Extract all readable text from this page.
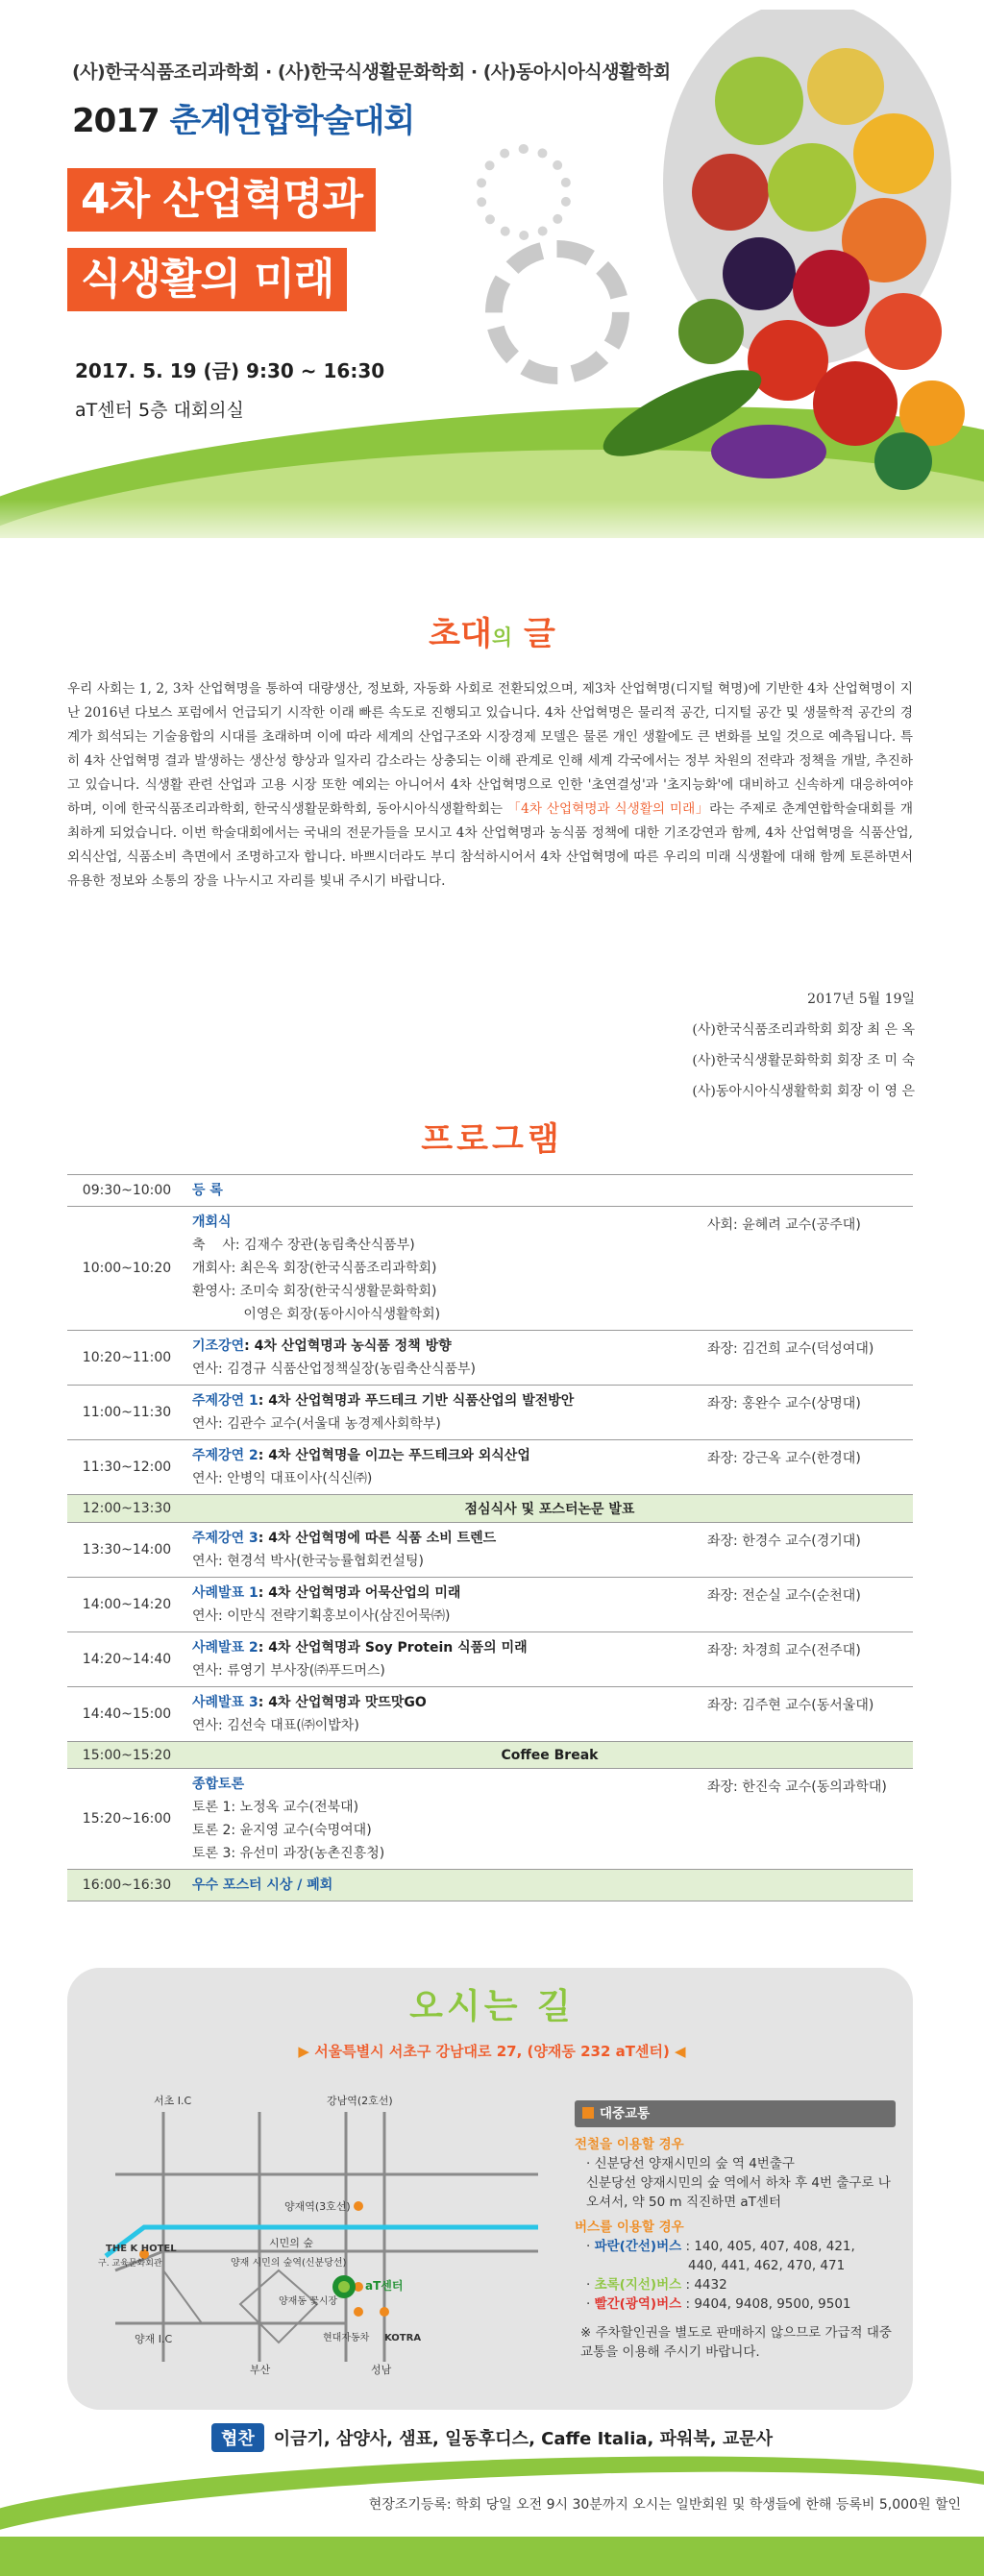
(사)한국식품조리과학회 · (사)한국식생활문화학회 · (사)동아시아식생활학회
2017 춘계연합학술대회
4차 산업혁명과
식생활의 미래
2017. 5. 19 (금) 9:30 ~ 16:30
aT센터 5층 대회의실
초대의 글
우리 사회는 1, 2, 3차 산업혁명을 통하여 대량생산, 정보화, 자동화 사회로 전환되었으며, 제3차 산업혁명(디지털 혁명)에 기반한 4차 산업혁명이 지난 2016년 다보스 포럼에서 언급되기 시작한 이래 빠른 속도로 진행되고 있습니다. 4차 산업혁명은 물리적 공간, 디지털 공간 및 생물학적 공간의 경계가 희석되는 기술융합의 시대를 초래하며 이에 따라 세계의 산업구조와 시장경제 모델은 물론 개인 생활에도 큰 변화를 보일 것으로 예측됩니다. 특히 4차 산업혁명 결과 발생하는 생산성 향상과 일자리 감소라는 상충되는 이해 관계로 인해 세계 각국에서는 정부 차원의 전략과 정책을 개발, 추진하고 있습니다. 식생활 관련 산업과 고용 시장 또한 예외는 아니어서 4차 산업혁명으로 인한 '초연결성'과 '초지능화'에 대비하고 신속하게 대응하여야 하며, 이에 한국식품조리과학회, 한국식생활문화학회, 동아시아식생활학회는 「4차 산업혁명과 식생활의 미래」라는 주제로 춘계연합학술대회를 개최하게 되었습니다. 이번 학술대회에서는 국내의 전문가들을 모시고 4차 산업혁명과 농식품 정책에 대한 기조강연과 함께, 4차 산업혁명을 식품산업, 외식산업, 식품소비 측면에서 조명하고자 합니다. 바쁘시더라도 부디 참석하시어서 4차 산업혁명에 따른 우리의 미래 식생활에 대해 함께 토론하면서 유용한 정보와 소통의 장을 나누시고 자리를 빛내 주시기 바랍니다.
2017년 5월 19일
(사)한국식품조리과학회 회장 최 은 옥
(사)한국식생활문화학회 회장 조 미 숙
(사)동아시아식생활학회 회장 이 영 은
프로그램
09:30~10:00	등 록	

10:00~10:20	개회식
축    사: 김재수 장관(농림축산식품부)
개회사: 최은옥 회장(한국식품조리과학회)
환영사: 조미숙 회장(한국식생활문화학회)
이영은 회장(동아시아식생활학회)	사회: 윤혜려 교수(공주대)
10:20~11:00	기조강연: 4차 산업혁명과 농식품 정책 방향
연사: 김경규 식품산업정책실장(농림축산식품부)	좌장: 김건희 교수(덕성여대)
11:00~11:30	주제강연 1: 4차 산업혁명과 푸드테크 기반 식품산업의 발전방안
연사: 김관수 교수(서울대 농경제사회학부)	좌장: 홍완수 교수(상명대)
11:30~12:00	주제강연 2: 4차 산업혁명을 이끄는 푸드테크와 외식산업
연사: 안병익 대표이사(식신㈜)	좌장: 강근옥 교수(한경대)
12:00~13:30	점심식사 및 포스터논문 발표	
13:30~14:00	주제강연 3: 4차 산업혁명에 따른 식품 소비 트렌드
연사: 현경석 박사(한국능률협회컨설팅)	좌장: 한경수 교수(경기대)
14:00~14:20	사례발표 1: 4차 산업혁명과 어묵산업의 미래
연사: 이만식 전략기획홍보이사(삼진어묵㈜)	좌장: 전순실 교수(순천대)
14:20~14:40	사례발표 2: 4차 산업혁명과 Soy Protein 식품의 미래
연사: 류영기 부사장(㈜푸드머스)	좌장: 차경희 교수(전주대)
14:40~15:00	사례발표 3: 4차 산업혁명과 맛뜨맛GO
연사: 김선숙 대표(㈜이밥차)	좌장: 김주현 교수(동서울대)
15:00~15:20	Coffee Break	
15:20~16:00	종합토론
토론 1: 노정옥 교수(전북대)
토론 2: 윤지영 교수(숙명여대)
토론 3: 유선미 과장(농촌진흥청)	좌장: 한진숙 교수(동의과학대)
16:00~16:30	우수 포스터 시상 / 폐회	

오시는 길
▶ 서울특별시 서초구 강남대로 27, (양재동 232 aT센터) ◀
서초 I.C	강남역(2호선)
양재역(3호선)
시민의 숲
양재 시민의 숲역(신분당선)
aT센터
양재동 꽃시장
THE K HOTEL
구. 교육문화회관
양재 I.C	현대자동차 KOTRA
부산	성남
대중교통
전철을 이용할 경우
· 신분당선 양재시민의 숲 역 4번출구
신분당선 양재시민의 숲 역에서 하차 후 4번 출구로 나오셔서, 약 50 m 직진하면 aT센터
버스를 이용할 경우
· 파란(간선)버스 : 140, 405, 407, 408, 421,
440, 441, 462, 470, 471
· 초록(지선)버스 : 4432
· 빨간(광역)버스 : 9404, 9408, 9500, 9501
※ 주차할인권을 별도로 판매하지 않으므로 가급적 대중교통을 이용해 주시기 바랍니다.
협찬 이금기, 삼양사, 샘표, 일동후디스, Caffe Italia, 파워북, 교문사
현장조기등록: 학회 당일 오전 9시 30분까지 오시는 일반회원 및 학생들에 한해 등록비 5,000원 할인
